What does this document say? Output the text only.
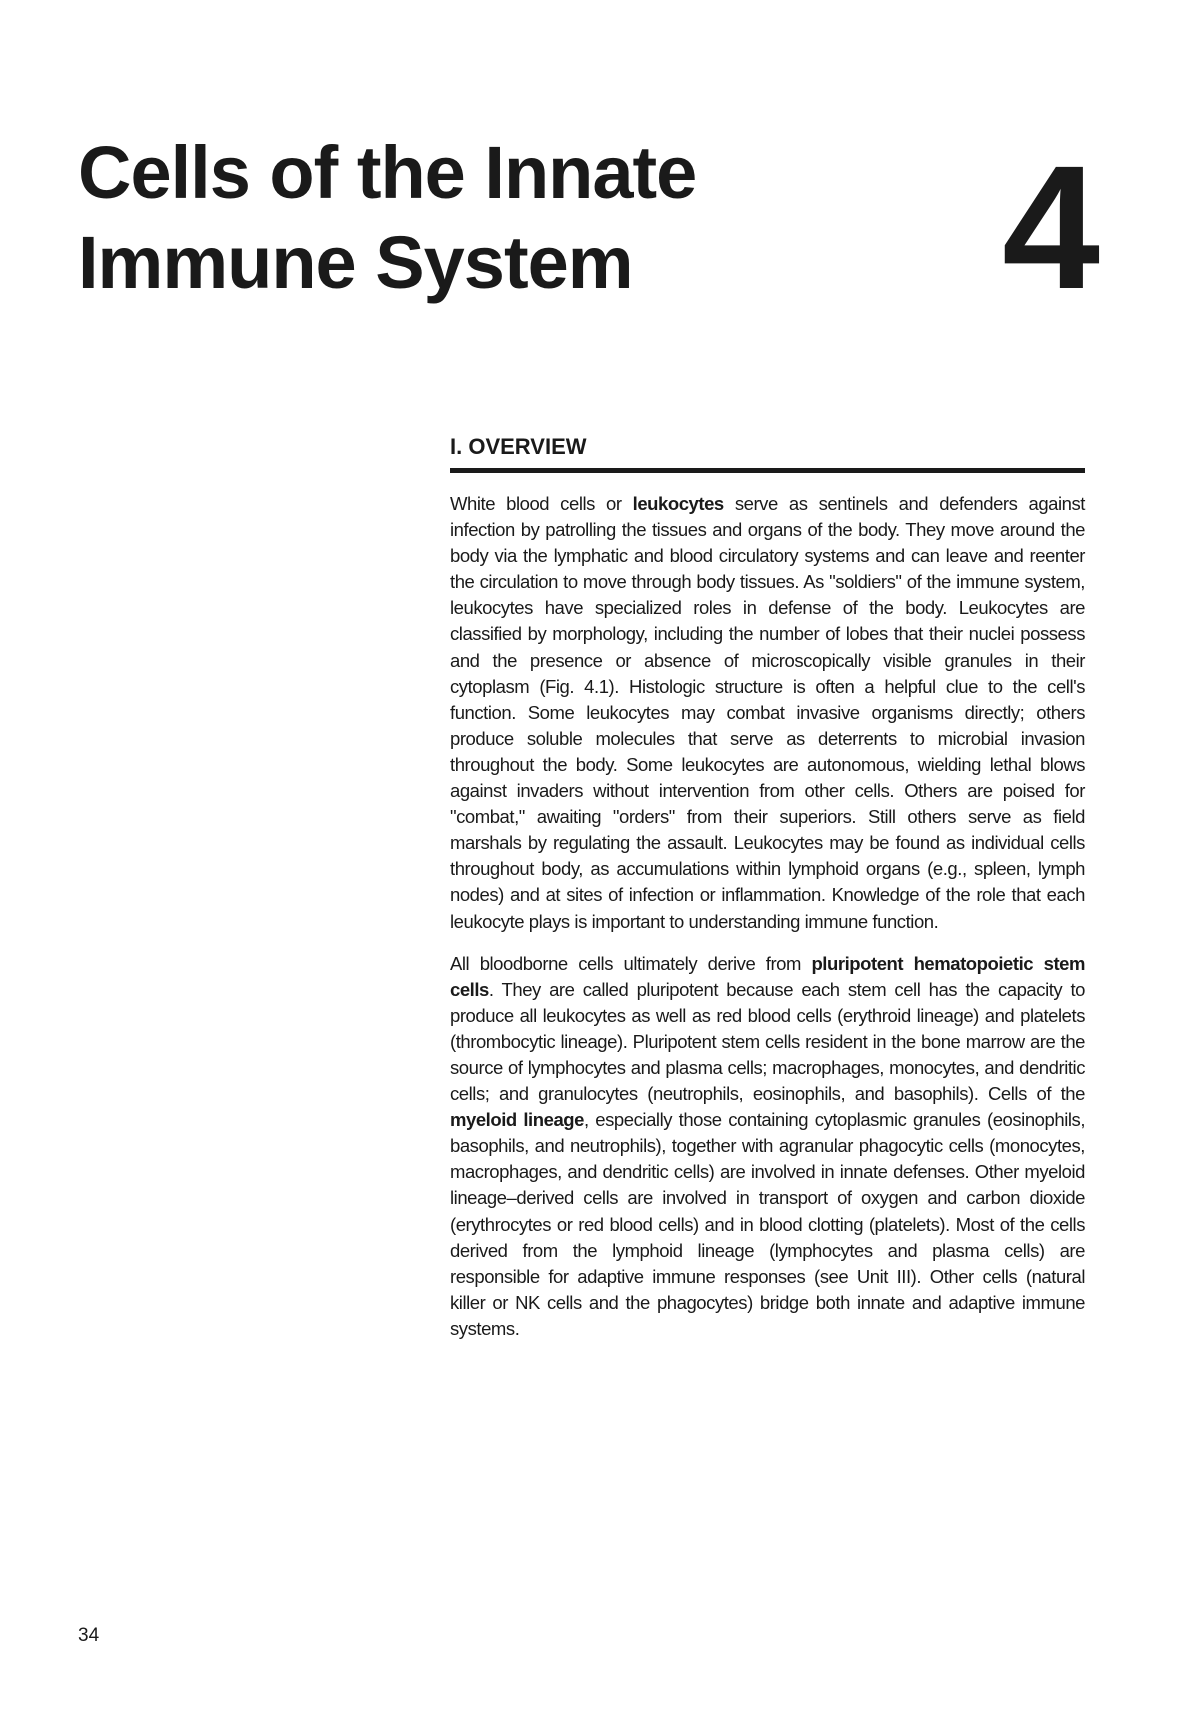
Cells of the Innate
Immune System	4
I. OVERVIEW

White blood cells or leukocytes serve as sentinels and defenders against infection by patrolling the tissues and organs of the body. They move around the body via the lymphatic and blood circulatory systems and can leave and reenter the circulation to move through body tissues. As "soldiers" of the immune system, leukocytes have specialized roles in defense of the body. Leukocytes are classified by morphology, including the number of lobes that their nuclei possess and the presence or absence of microscopically visible granules in their cytoplasm (Fig. 4.1). Histologic structure is often a helpful clue to the cell's function. Some leukocytes may combat invasive organisms directly; others produce soluble molecules that serve as deterrents to microbial invasion throughout the body. Some leukocytes are autonomous, wielding lethal blows against invaders without intervention from other cells. Others are poised for "combat," awaiting "orders" from their superiors. Still others serve as field marshals by regulating the assault. Leukocytes may be found as individual cells throughout body, as accumulations within lymphoid organs (e.g., spleen, lymph nodes) and at sites of infection or inflammation. Knowledge of the role that each leukocyte plays is important to understanding immune function.

All bloodborne cells ultimately derive from pluripotent hematopoietic stem cells. They are called pluripotent because each stem cell has the capacity to produce all leukocytes as well as red blood cells (erythroid lineage) and platelets (thrombocytic lineage). Pluripotent stem cells resident in the bone marrow are the source of lymphocytes and plasma cells; macrophages, monocytes, and dendritic cells; and granulocytes (neutrophils, eosinophils, and basophils). Cells of the myeloid lineage, especially those containing cytoplasmic granules (eosinophils, basophils, and neutrophils), together with agranular phagocytic cells (monocytes, macrophages, and dendritic cells) are involved in innate defenses. Other myeloid lineage–derived cells are involved in transport of oxygen and carbon dioxide (erythrocytes or red blood cells) and in blood clotting (platelets). Most of the cells derived from the lymphoid lineage (lymphocytes and plasma cells) are responsible for adaptive immune responses (see Unit III). Other cells (natural killer or NK cells and the phagocytes) bridge both innate and adaptive immune systems.

34
